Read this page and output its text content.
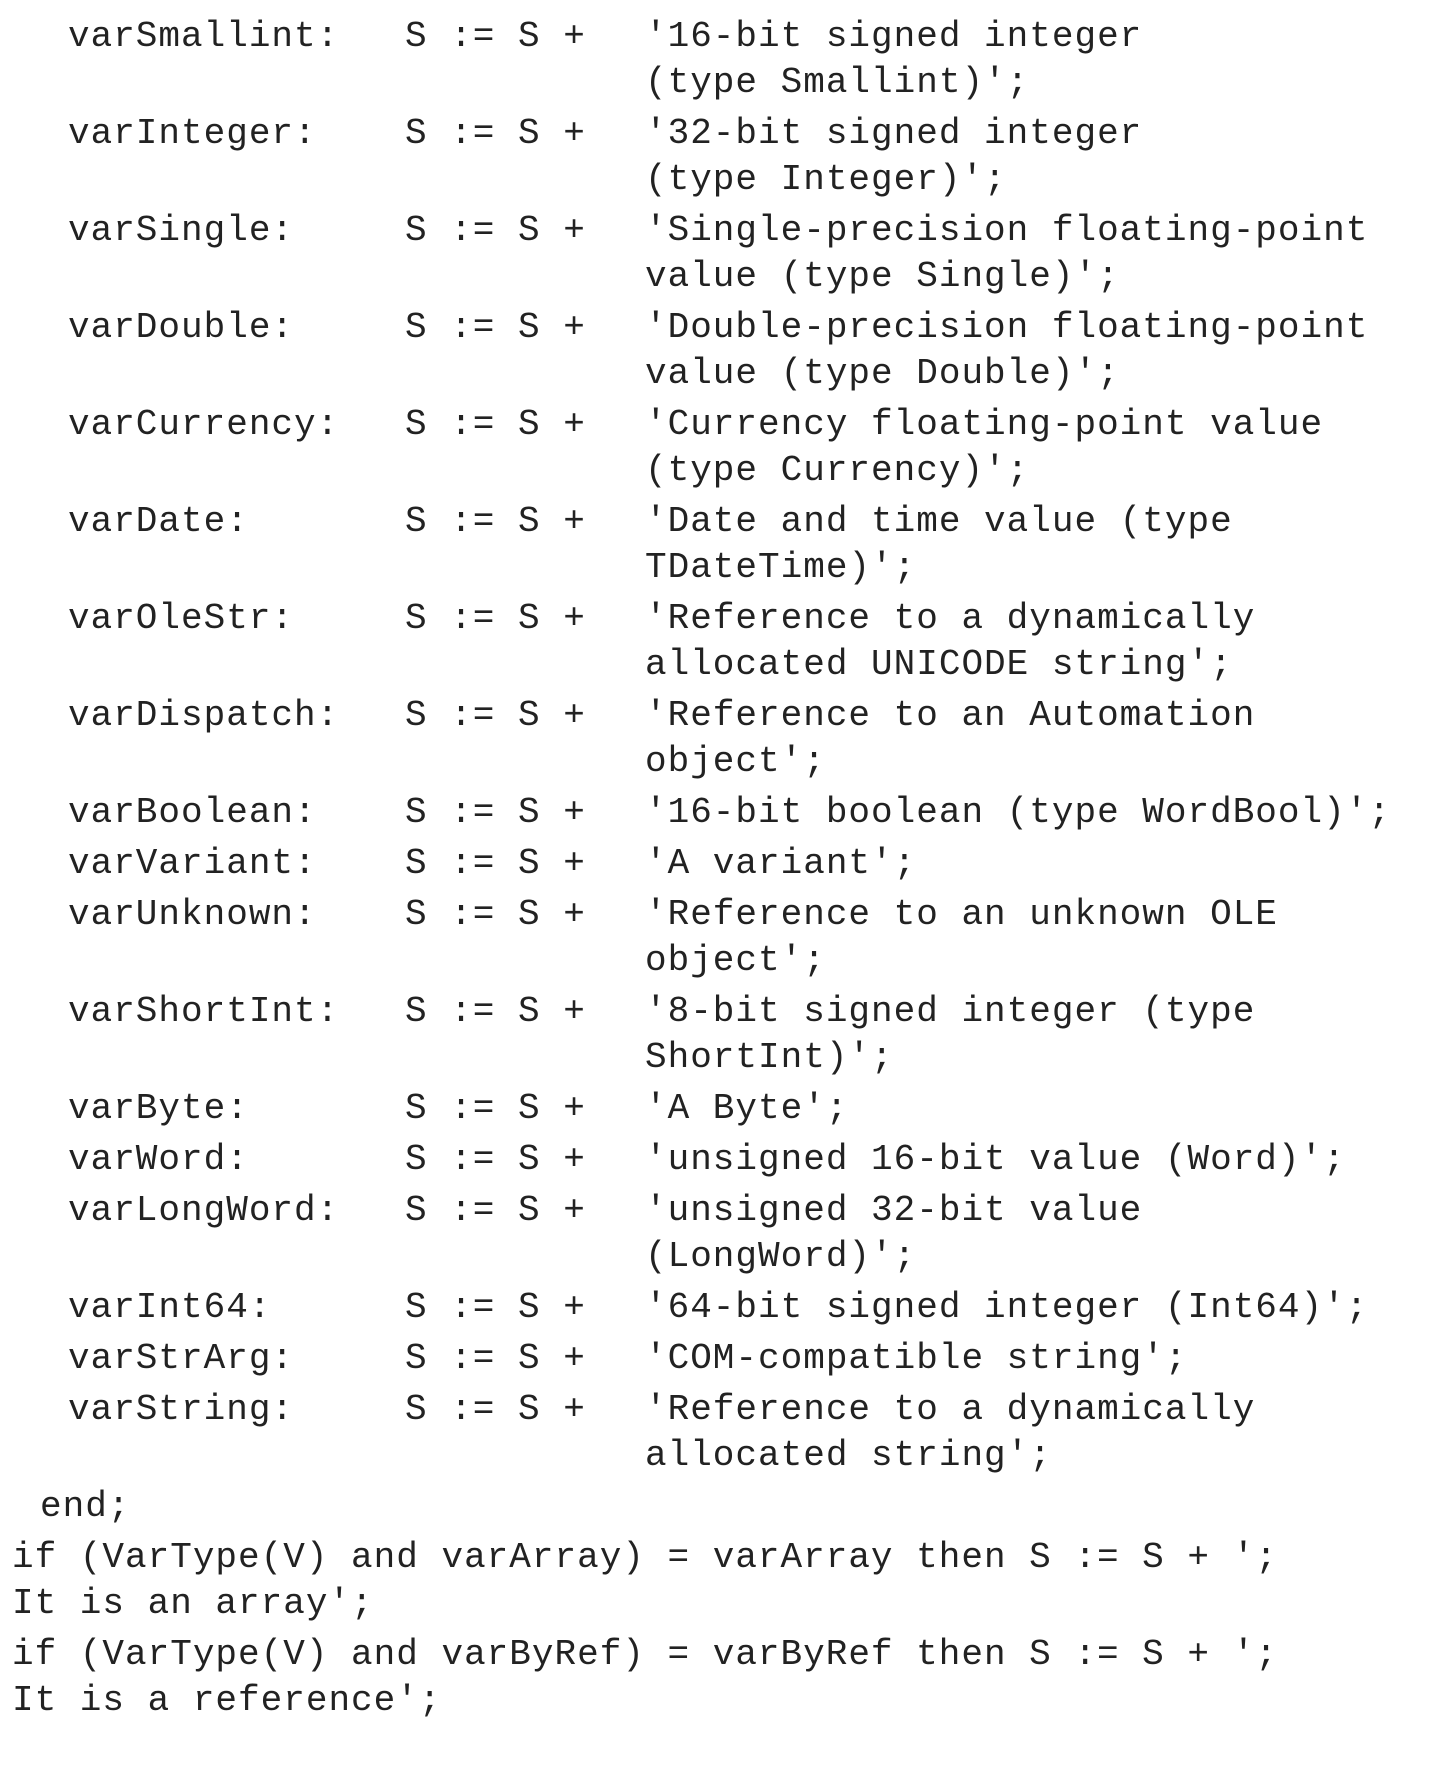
varSmallint: S := S + '16-bit signed integer
(type Smallint)';
varInteger: S := S + '32-bit signed integer
(type Integer)';
varSingle:	S := S + 'Single-precision floating-point
value (type Single)';
varDouble:	S := S + 'Double-precision floating-point
value (type Double)';
varCurrency: S := S + 'Currency floating-point value
(type Currency)';
varDate:	S := S + 'Date and time value (type
TDateTime)';
varOleStr:	S := S + 'Reference to a dynamically
allocated UNICODE string';
varDispatch: S := S + 'Reference to an Automation
object';
varBoolean: S := S + '16-bit boolean (type WordBool)';
varVariant: S := S + 'A variant';
varUnknown: S := S + 'Reference to an unknown OLE
object';
varShortInt: S := S + '8-bit signed integer (type
ShortInt)';
varByte:	S := S + 'A Byte';
varWord:	S := S + 'unsigned 16-bit value (Word)';
varLongWord: S := S + 'unsigned 32-bit value
(LongWord)';
varInt64:	S := S + '64-bit signed integer (Int64)';
varStrArg:	S := S + 'COM-compatible string';
varString:	S := S + 'Reference to a dynamically
allocated string';
end;
if (VarType(V) and varArray) = varArray then S := S + ';
It is an array';
if (VarType(V) and varByRef) = varByRef then S := S + ';
It is a reference';
